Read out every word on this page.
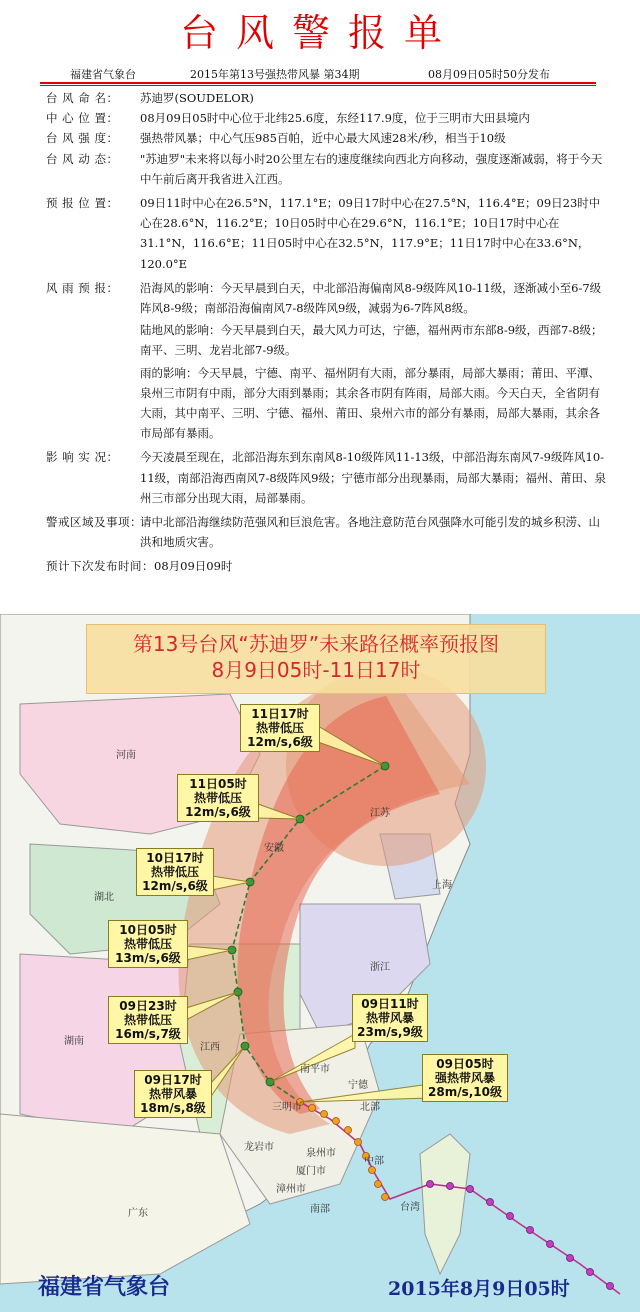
台风警报单
福建省气象台	2015年第13号强热带风暴 第34期	08月09日05时50分发布
台 风 命 名：	苏迪罗(SOUDELOR)
中 心 位 置：	08月09日05时中心位于北纬25.6度，东经117.9度，位于三明市大田县境内
台 风 强 度：	强热带风暴；中心气压985百帕，近中心最大风速28米/秒，相当于10级
台 风 动 态：	"苏迪罗"未来将以每小时20公里左右的速度继续向西北方向移动，强度逐渐减弱，将于今天中午前后离开我省进入江西。
预 报 位 置：	09日11时中心在26.5°N，117.1°E；09日17时中心在27.5°N，116.4°E；09日23时中心在28.6°N，116.2°E；10日05时中心在29.6°N，116.1°E；10日17时中心在31.1°N，116.6°E；11日05时中心在32.5°N，117.9°E；11日17时中心在33.6°N，120.0°E
风 雨 预 报：	沿海风的影响：今天早晨到白天，中北部沿海偏南风8-9级阵风10-11级，逐渐减小至6-7级阵风8-9级；南部沿海偏南风7-8级阵风9级，减弱为6-7阵风8级。

陆地风的影响：今天早晨到白天，最大风力可达，宁德，福州两市东部8-9级，西部7-8级；南平、三明、龙岩北部7-9级。

雨的影响：今天早晨，宁德、南平、福州阴有大雨，部分暴雨，局部大暴雨；莆田、平潭、泉州三市阴有中雨，部分大雨到暴雨；其余各市阴有阵雨，局部大雨。今天白天，全省阴有大雨，其中南平、三明、宁德、福州、莆田、泉州六市的部分有暴雨，局部大暴雨，其余各市局部有暴雨。

影 响 实 况：	今天凌晨至现在，北部沿海东到东南风8-10级阵风11-13级，中部沿海东南风7-9级阵风10-11级，南部沿海西南风7-8级阵风9级；宁德市部分出现暴雨，局部大暴雨；福州、莆田、泉州三市部分出现大雨，局部暴雨。
警戒区域及事项：
请中北部沿海继续防范强风和巨浪危害。各地注意防范台风强降水可能引发的城乡积涝、山洪和地质灾害。
预计下次发布时间： 08月09日09时
第13号台风“苏迪罗”未来路径概率预报图
8月9日05时-11日17时
11日17时
热带低压
12m/s,6级
11日05时
热带低压
12m/s,6级
10日17时
热带低压
12m/s,6级
10日05时
热带低压
13m/s,6级
09日23时
热带低压
16m/s,7级
09日17时
热带风暴
18m/s,8级
09日11时
热带风暴
23m/s,9级
09日05时
强热带风暴
28m/s,10级
河南
江苏
安徽
湖北
上海
浙江
湖南
江西
广东
台湾
南平市
三明市
龙岩市
泉州市
厦门市
漳州市
宁德
北部
中部
南部
福建省气象台	2015年8月9日05时
